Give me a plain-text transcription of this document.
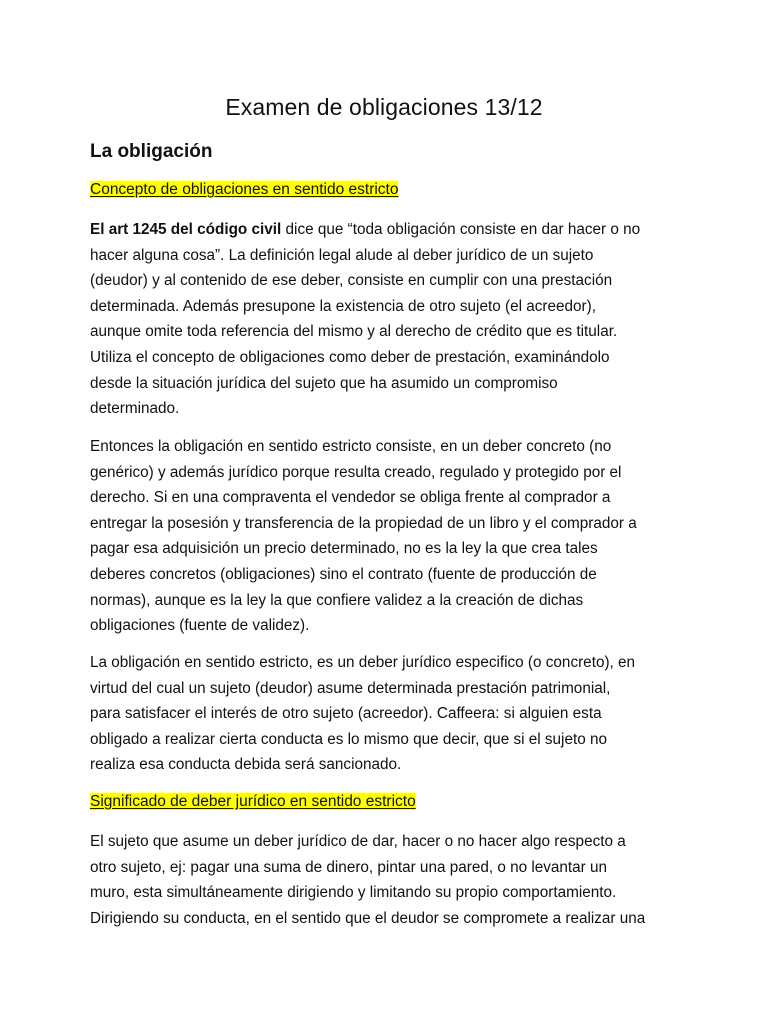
Examen de obligaciones 13/12
La obligación
Concepto de obligaciones en sentido estricto
El art 1245 del código civil dice que “toda obligación consiste en dar hacer o no
hacer alguna cosa”. La definición legal alude al deber jurídico de un sujeto
(deudor) y al contenido de ese deber, consiste en cumplir con una prestación
determinada. Además presupone la existencia de otro sujeto (el acreedor),
aunque omite toda referencia del mismo y al derecho de crédito que es titular.
Utiliza el concepto de obligaciones como deber de prestación, examinándolo
desde la situación jurídica del sujeto que ha asumido un compromiso
determinado.
Entonces la obligación en sentido estricto consiste, en un deber concreto (no
genérico) y además jurídico porque resulta creado, regulado y protegido por el
derecho. Si en una compraventa el vendedor se obliga frente al comprador a
entregar la posesión y transferencia de la propiedad de un libro y el comprador a
pagar esa adquisición un precio determinado, no es la ley la que crea tales
deberes concretos (obligaciones) sino el contrato (fuente de producción de
normas), aunque es la ley la que confiere validez a la creación de dichas
obligaciones (fuente de validez).
La obligación en sentido estricto, es un deber jurídico especifico (o concreto), en
virtud del cual un sujeto (deudor) asume determinada prestación patrimonial,
para satisfacer el interés de otro sujeto (acreedor). Caffeera: si alguien esta
obligado a realizar cierta conducta es lo mismo que decir, que si el sujeto no
realiza esa conducta debida será sancionado.
Significado de deber jurídico en sentido estricto
El sujeto que asume un deber jurídico de dar, hacer o no hacer algo respecto a
otro sujeto, ej: pagar una suma de dinero, pintar una pared, o no levantar un
muro, esta simultáneamente dirigiendo y limitando su propio comportamiento.
Dirigiendo su conducta, en el sentido que el deudor se compromete a realizar una
